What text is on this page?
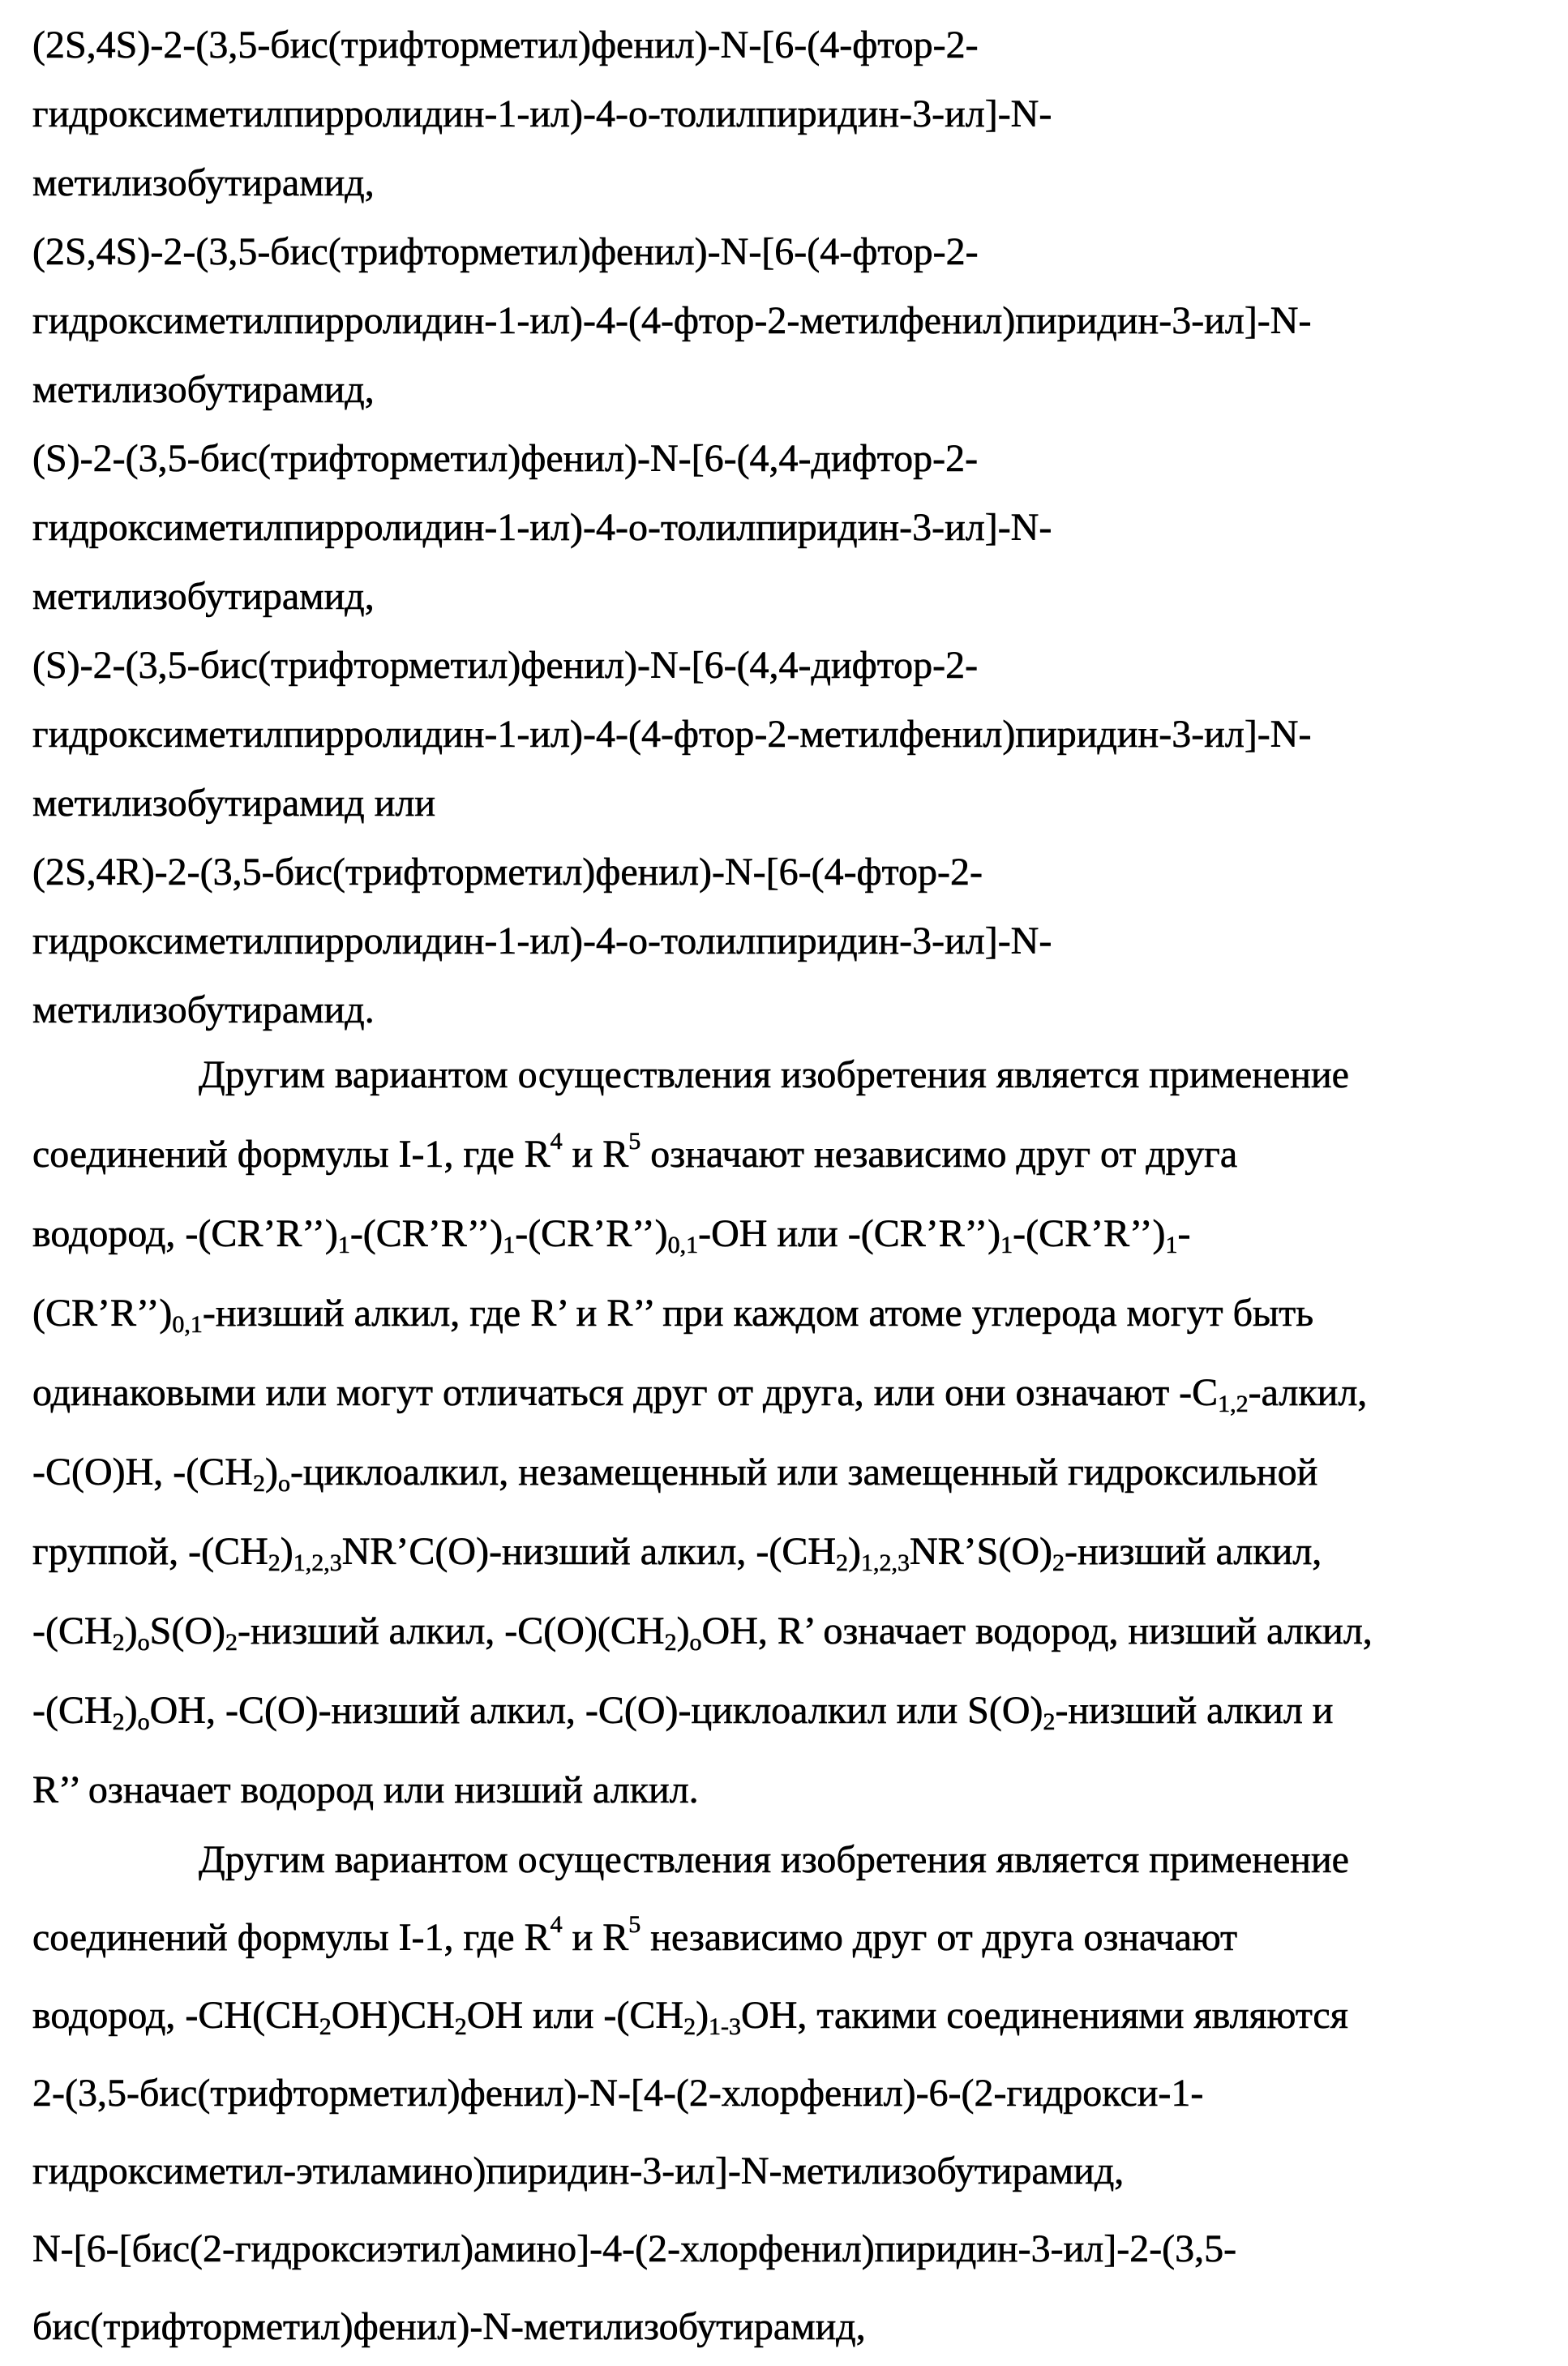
(2S,4S)-2-(3,5-бис(трифторметил)фенил)-N-[6-(4-фтор-2-
гидроксиметилпирролидин-1-ил)-4-о-толилпиридин-3-ил]-N-
метилизобутирамид,
(2S,4S)-2-(3,5-бис(трифторметил)фенил)-N-[6-(4-фтор-2-
гидроксиметилпирролидин-1-ил)-4-(4-фтор-2-метилфенил)пиридин-3-ил]-N-
метилизобутирамид,
(S)-2-(3,5-бис(трифторметил)фенил)-N-[6-(4,4-дифтор-2-
гидроксиметилпирролидин-1-ил)-4-о-толилпиридин-3-ил]-N-
метилизобутирамид,
(S)-2-(3,5-бис(трифторметил)фенил)-N-[6-(4,4-дифтор-2-
гидроксиметилпирролидин-1-ил)-4-(4-фтор-2-метилфенил)пиридин-3-ил]-N-
метилизобутирамид или
(2S,4R)-2-(3,5-бис(трифторметил)фенил)-N-[6-(4-фтор-2-
гидроксиметилпирролидин-1-ил)-4-о-толилпиридин-3-ил]-N-
метилизобутирамид.
Другим вариантом осуществления изобретения является применение
соединений формулы I-1, где R4 и R5 означают независимо друг от друга
водород, -(CR’R’’)1-(CR’R’’)1-(CR’R’’)0,1-OH или -(CR’R’’)1-(CR’R’’)1-
(CR’R’’)0,1-низший алкил, где R’ и R’’ при каждом атоме углерода могут быть
одинаковыми или могут отличаться друг от друга, или они означают -C1,2-алкил,
-C(O)H, -(CH2)o-циклоалкил, незамещенный или замещенный гидроксильной
группой, -(CH2)1,2,3NR’C(O)-низший алкил, -(CH2)1,2,3NR’S(O)2-низший алкил,
-(CH2)oS(O)2-низший алкил, -C(O)(CH2)oOH, R’ означает водород, низший алкил,
-(CH2)oOH, -C(O)-низший алкил, -C(O)-циклоалкил или S(O)2-низший алкил и
R’’ означает водород или низший алкил.
Другим вариантом осуществления изобретения является применение
соединений формулы I-1, где R4 и R5 независимо друг от друга означают
водород, -CH(CH2OH)CH2OH или -(CH2)1-3OH, такими соединениями являются
2-(3,5-бис(трифторметил)фенил)-N-[4-(2-хлорфенил)-6-(2-гидрокси-1-
гидроксиметил-этиламино)пиридин-3-ил]-N-метилизобутирамид,
N-[6-[бис(2-гидроксиэтил)амино]-4-(2-хлорфенил)пиридин-3-ил]-2-(3,5-
бис(трифторметил)фенил)-N-метилизобутирамид,
